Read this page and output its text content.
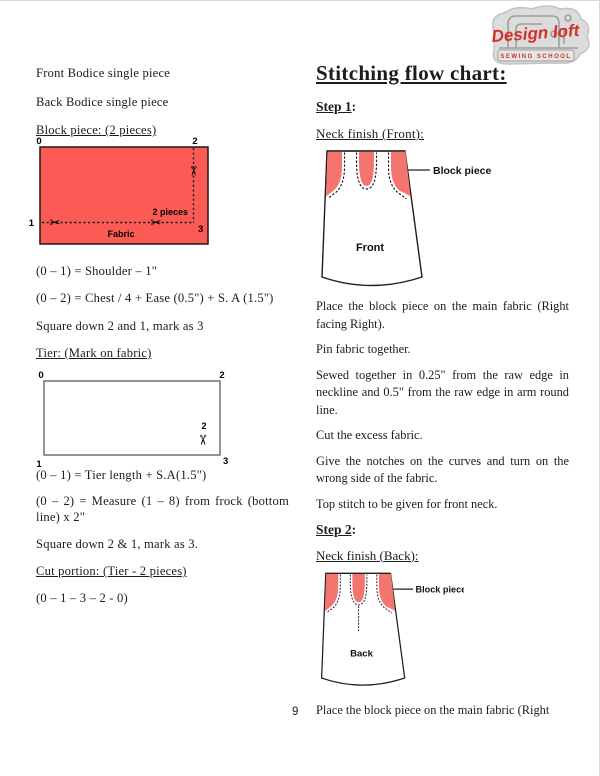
Design loft
SEWING SCHOOL
Front Bodice single piece
Back Bodice single piece
Block piece: (2 pieces)
0	2
✂
2 pieces
✂	✂
1
3
Fabric
(0 – 1) = Shoulder – 1"
(0 – 2) = Chest / 4 + Ease (0.5") + S. A (1.5")
Square down 2 and 1, mark as 3
Tier: (Mark on fabric)
0	2
1	3
2
✂
(0 – 1) = Tier length + S.A(1.5")
(0 – 2) = Measure (1 – 8) from frock (bottom line) x 2"
Square down 2 & 1, mark as 3.
Cut portion: (Tier - 2 pieces)
(0 – 1 – 3 – 2 - 0)
Stitching flow chart:
Step 1:
Neck finish (Front):
Front
Block piece

Place the block piece on the main fabric (Right facing Right).

Pin fabric together.

Sewed together in 0.25" from the raw edge in neckline and 0.5" from the raw edge in arm round line.

Cut the excess fabric.

Give the notches on the curves and turn on the wrong side of the fabric.

Top stitch to be given for front neck.

Step 2:
Neck finish (Back):
Back
Block piece

Place the block piece on the main fabric (Right

9
